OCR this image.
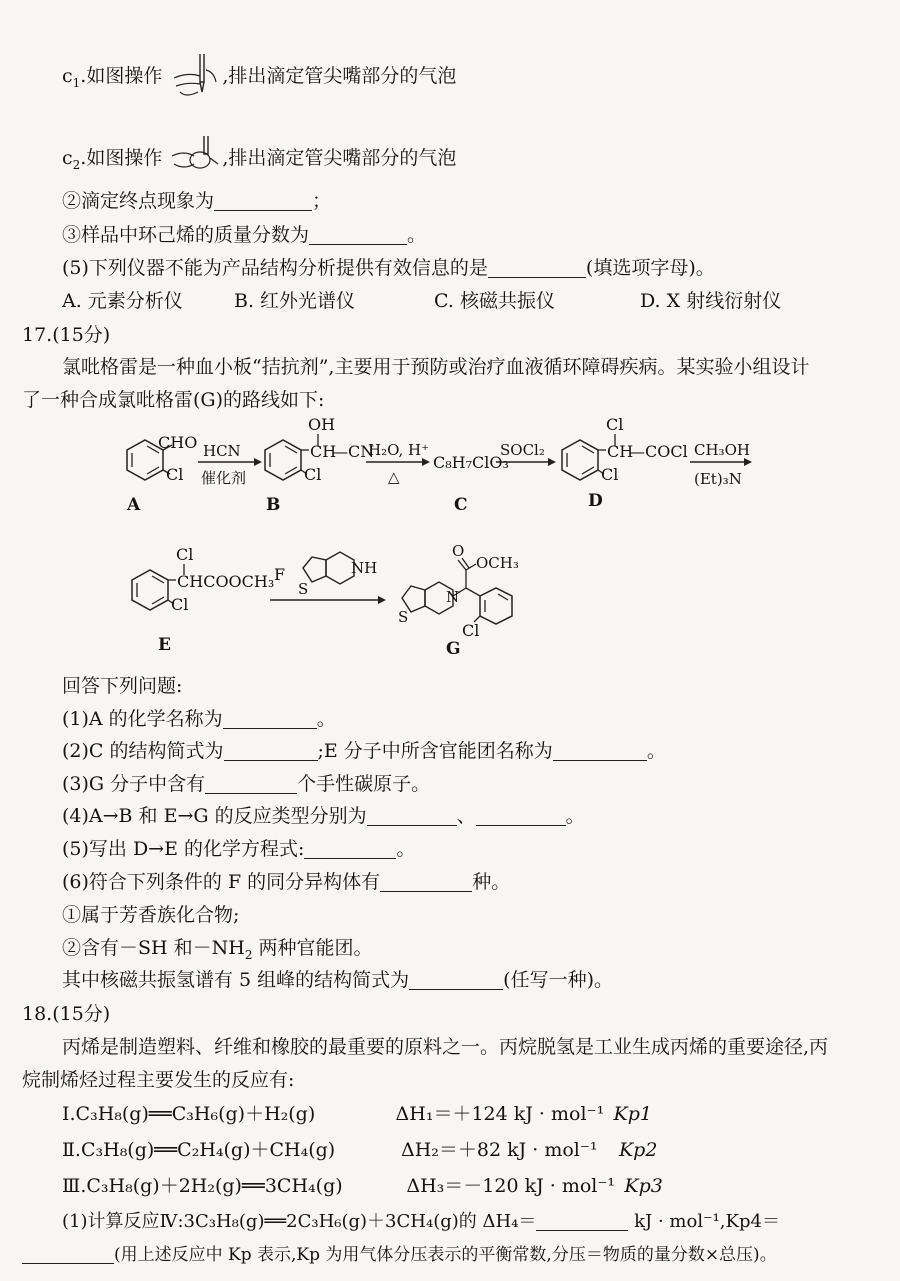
$c_1$.如图操作	,排出滴定管尖嘴部分的气泡
$c_2$.如图操作	,排出滴定管尖嘴部分的气泡
②滴定终点现象为	；
③样品中环己烯的质量分数为	。
(5)下列仪器不能为产品结构分析提供有效信息的是	(填选项字母)。
A. 元素分析仪	B. 红外光谱仪	C. 核磁共振仪	D. X 射线衍射仪
17.(15分)
氯吡格雷是一种血小板“拮抗剂”,主要用于预防或治疗血液循环障碍疾病。某实验小组设计
了一种合成氯吡格雷(G)的路线如下:
CHO
Cl
A
HCN
催化剂
OH
CH
—CN
Cl
B
H₂O, H⁺
△
C₈H₇ClO₃
C
SOCl₂
Cl
CH
—COCl
Cl
D
CH₃OH
(Et)₃N
Cl
CHCOOCH₃
Cl
E
F	NH
S
O
OCH₃
N
S
Cl
G
回答下列问题:
(1)A 的化学名称为	。
(2)C 的结构简式为	;E 分子中所含官能团名称为	。
(3)G 分子中含有	个手性碳原子。
(4)A→B 和 E→G 的反应类型分别为	、	。
(5)写出 D→E 的化学方程式:	。
(6)符合下列条件的 F 的同分异构体有	种。
①属于芳香族化合物;
②含有－SH 和$-NH_2$ 两种官能团。
其中核磁共振氢谱有 5 组峰的结构简式为	(任写一种)。
18.(15分)
丙烯是制造塑料、纤维和橡胶的最重要的原料之一。丙烷脱氢是工业生成丙烯的重要途径,丙
烷制烯烃过程主要发生的反应有:
Ⅰ.C₃H₈(g)══C₃H₆(g)＋H₂(g)	ΔH₁＝＋124 kJ · mol⁻¹ Kp1
Ⅱ.C₃H₈(g)══C₂H₄(g)＋CH₄(g)	ΔH₂＝＋82 kJ · mol⁻¹ Kp2
Ⅲ.C₃H₈(g)＋2H₂(g)══3CH₄(g)	ΔH₃＝－120 kJ · mol⁻¹ Kp3
(1)计算反应Ⅳ:3C₃H₈(g)══2C₃H₆(g)＋3CH₄(g)的 ΔH₄＝	kJ · mol⁻¹,Kp4＝
(用上述反应中 Kp 表示,Kp 为用气体分压表示的平衡常数,分压＝物质的量分数×总压)。
